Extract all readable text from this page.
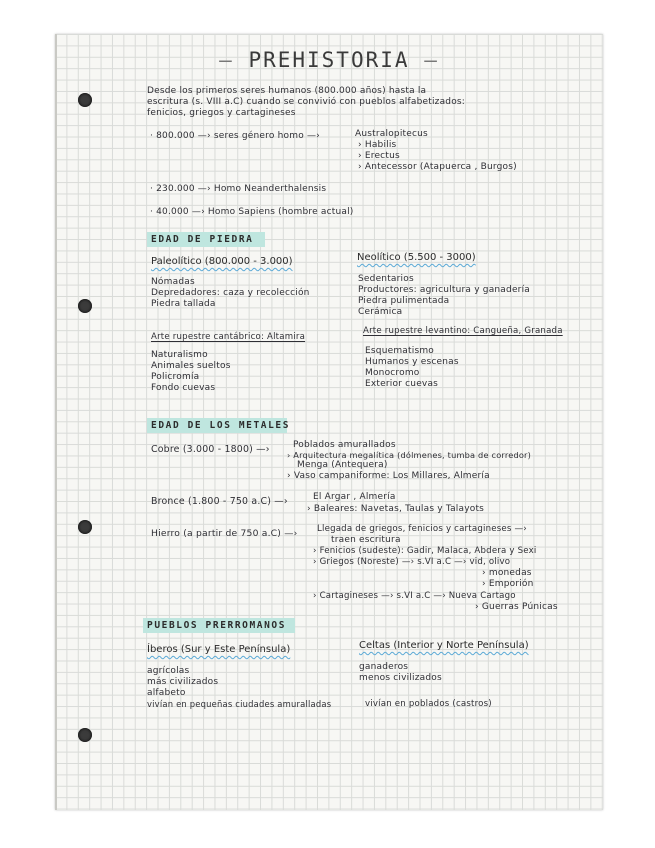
— PREHISTORIA —
Desde los primeros seres humanos (800.000 años) hasta la
escritura (s. VIII a.C) cuando se convivió con pueblos alfabetizados:
fenicios, griegos y cartagineses
· 800.000 —› seres género homo —›	Australopitecus
› Habilis
› Erectus
› Antecessor (Atapuerca , Burgos)
· 230.000 —› Homo Neanderthalensis
· 40.000 —› Homo Sapiens (hombre actual)
EDAD DE PIEDRA
Paleolítico (800.000 - 3.000)
Nómadas
Depredadores: caza y recolección
Piedra tallada
Neolítico (5.500 - 3000)
Sedentarios
Productores: agricultura y ganadería
Piedra pulimentada
Cerámica
Arte rupestre cantábrico: Altamira
Naturalismo
Animales sueltos
Policromía
Fondo cuevas
Arte rupestre levantino: Cangueña, Granada
Esquematismo
Humanos y escenas
Monocromo
Exterior cuevas
EDAD DE LOS METALES
Cobre (3.000 - 1800) —›	Poblados amurallados
› Arquitectura megalítica (dólmenes, tumba de corredor)
Menga (Antequera)
› Vaso campaniforme: Los Millares, Almería
Bronce (1.800 - 750 a.C) —›	El Argar , Almería
› Baleares: Navetas, Taulas y Talayots
Hierro (a partir de 750 a.C) —› Llegada de griegos, fenicios y cartagineses —›
traen escritura
› Fenicios (sudeste): Gadir, Malaca, Abdera y Sexi
› Griegos (Noreste) —› s.VI a.C —› vid, olivo
› monedas
› Emporión
› Cartagineses —› s.VI a.C —› Nueva Cartago
› Guerras Púnicas
PUEBLOS PRERROMANOS
Íberos (Sur y Este Península)
agrícolas
más civilizados
alfabeto
vivían en pequeñas ciudades amuralladas
Celtas (Interior y Norte Península)
ganaderos
menos civilizados
vivían en poblados (castros)
